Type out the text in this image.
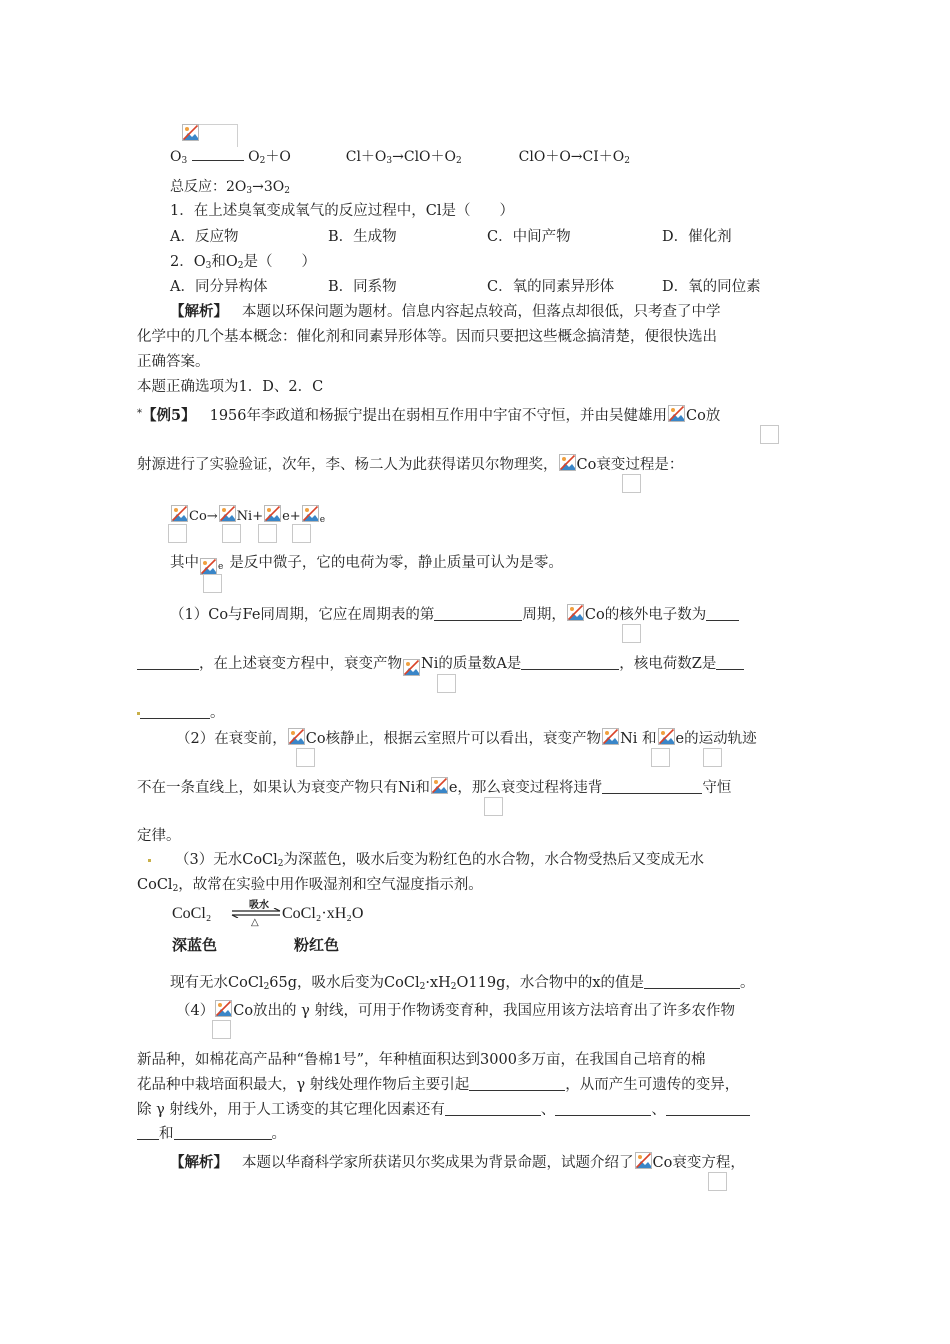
$O_3$	$O_2+O$	$Cl+O_3\to ClO+O_2$	$ClO+O\to CI+O_2$
总反应：$2O_3\to 3O_2$
1．在上述臭氧变成氧气的反应过程中，Cl是（　　）
A．反应物	B．生成物	C．中间产物	D．催化剂
2．$O_3$和$O_2$是（　　）
A．同分异构体	B．同系物	C．氧的同素异形体	D．氧的同位素
【解析】 本题以环保问题为题材。信息内容起点较高，但落点却很低，只考查了中学
化学中的几个基本概念：催化剂和同素异形体等。因而只要把这些概念搞清楚，便很快选出
正确答案。
本题正确选项为1．D、2．C
*【例5】 1956年李政道和杨振宁提出在弱相互作用中宇宙不守恒，并由吴健雄用 Co放
射源进行了实验验证，次年，李、杨二人为此获得诺贝尔物理奖， Co衰变过程是：
Co→ Ni+ e+ $_e$
其中 $_e$ 是反中微子，它的电荷为零，静止质量可认为是零。
（1）Co与Fe同周期，它应在周期表的第	周期， Co的核外电子数为
，在上述衰变方程中，衰变产物 Ni的质量数A是	，核电荷数Z是
。
（2）在衰变前， Co核静止，根据云室照片可以看出，衰变产物 Ni 和 e的运动轨迹
不在一条直线上，如果认为衰变产物只有Ni和 e，那么衰变过程将违背	守恒
定律。
（3）无水CoCl$_2$为深蓝色，吸水后变为粉红色的水合物，水合物受热后又变成无水
CoCl$_2$，故常在实验中用作吸湿剂和空气湿度指示剂。
CoCl₂	吸水
△
CoCl₂·xH₂O
深蓝色	粉红色
现有无水CoCl$_2$65g，吸水后变为$CoCl_2\cdot xH_2O119g$，水合物中的x的值是	。
（4） Co放出的 γ 射线，可用于作物诱变育种，我国应用该方法培育出了许多农作物
新品种，如棉花高产品种“鲁棉1号”，年种植面积达到3000多万亩，在我国自己培育的棉
花品种中栽培面积最大，γ 射线处理作物后主要引起	，从而产生可遗传的变异，
除 γ 射线外，用于人工诱变的其它理化因素还有	、	、
和	。
【解析】 本题以华裔科学家所获诺贝尔奖成果为背景命题，试题介绍了 Co衰变方程，
